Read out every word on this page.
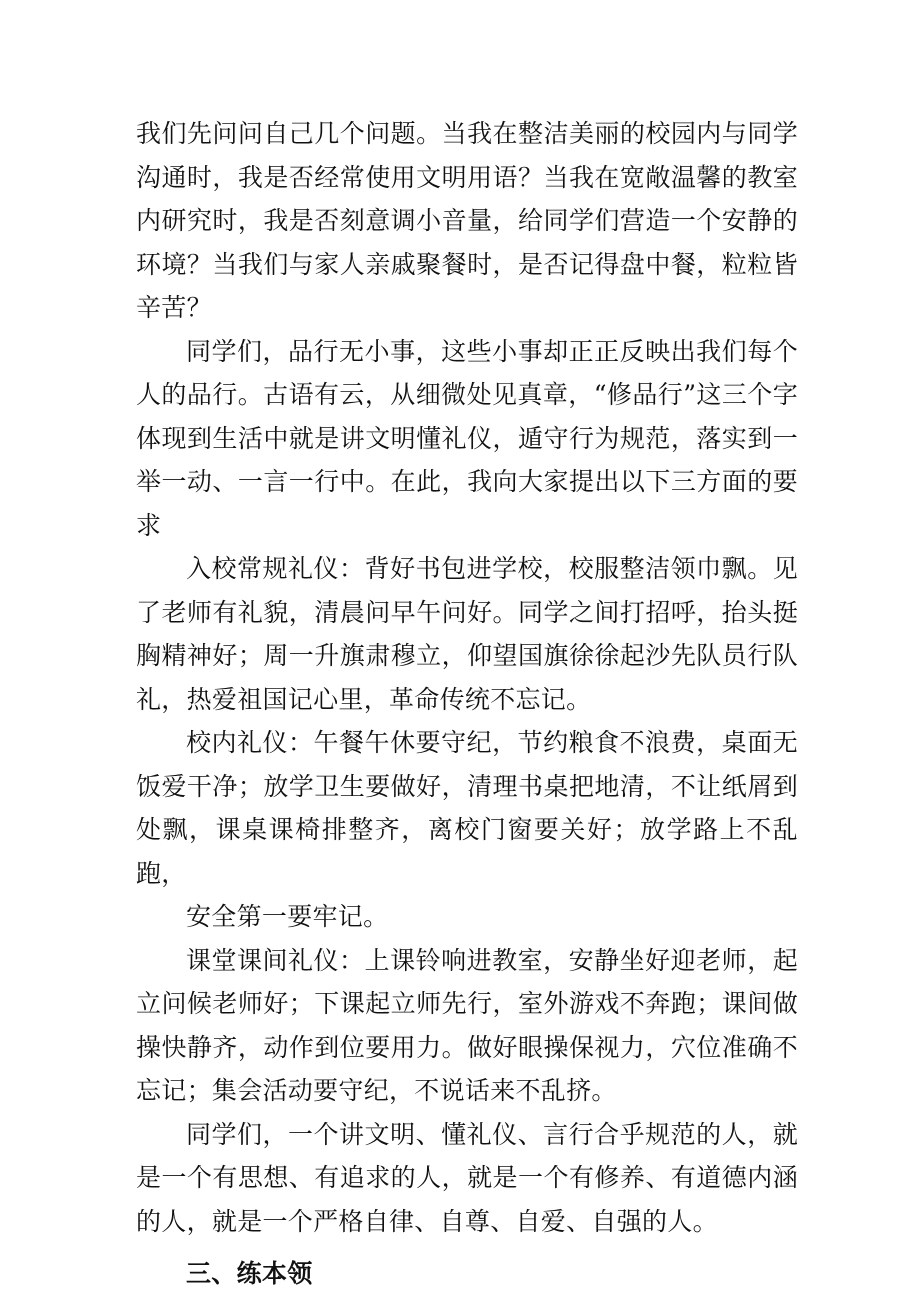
我们先问问自己几个问题。当我在整洁美丽的校园内与同学沟通时，我是否经常使用文明用语？当我在宽敞温馨的教室内研究时，我是否刻意调小音量，给同学们营造一个安静的环境？当我们与家人亲戚聚餐时，是否记得盘中餐，粒粒皆辛苦？

同学们，品行无小事，这些小事却正正反映出我们每个人的品行。古语有云，从细微处见真章，“修品行”这三个字体现到生活中就是讲文明懂礼仪，遁守行为规范，落实到一举一动、一言一行中。在此，我向大家提出以下三方面的要求

入校常规礼仪：背好书包进学校，校服整洁领巾飘。见了老师有礼貌，清晨问早午问好。同学之间打招呼，抬头挺胸精神好；周一升旗肃穆立，仰望国旗徐徐起沙先队员行队礼，热爱祖国记心里，革命传统不忘记。

校内礼仪：午餐午休要守纪，节约粮食不浪费，桌面无饭爱干净；放学卫生要做好，清理书桌把地清，不让纸屑到处飘，课桌课椅排整齐，离校门窗要关好；放学路上不乱跑，

安全第一要牢记。

课堂课间礼仪：上课铃响进教室，安静坐好迎老师，起立问候老师好；下课起立师先行，室外游戏不奔跑；课间做操快静齐，动作到位要用力。做好眼操保视力，穴位准确不忘记；集会活动要守纪，不说话来不乱挤。

同学们，一个讲文明、懂礼仪、言行合乎规范的人，就是一个有思想、有追求的人，就是一个有修养、有道德内涵的人，就是一个严格自律、自尊、自爱、自强的人。

三、练本领
